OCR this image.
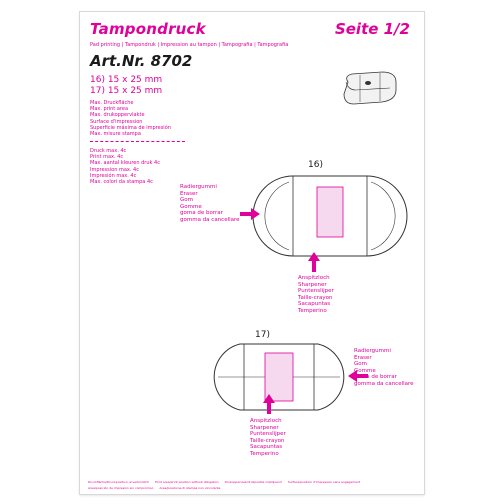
Tampondruck	Seite 1/2
Pad printing | Tampondruk | Impression au tampon | Tampografia | Tampografia
Art.Nr. 8702
16) 15 x 25 mm
17) 15 x 25 mm
Max. Druckfläche
Max. print area
Max. drukoppervlakte
Surface d'impression
Superficie máxima de impresión
Max. misure stampa
Druck max. 4c
Print max. 4c
Max. aantal kleuren druk 4c
Impression max. 4c
Impresión max. 4c
Max. colori da stampa 4c
16)
Radiergummi
Eraser
Gom
Gomme
goma de borrar
gomma da cancellare
Anspitzloch
Sharpener
Puntenslijper
Taille-crayon
Sacapuntas
Temperino
17)
Radiergummi
Eraser
Gom
Gomme
goma de borrar
gomma da cancellare
Anspitzloch
Sharpener
Puntenslijper
Taille-crayon
Sacapuntas
Temperino
Druckfläche/Druckposition unverbindlich Print area/print position without obligation Drukoppervlak/drukpositie vrijblijvend Surface/position d'impression sans engagement
Área/posición de impresión sin compromiso Area/posizione di stampa non vincolante
